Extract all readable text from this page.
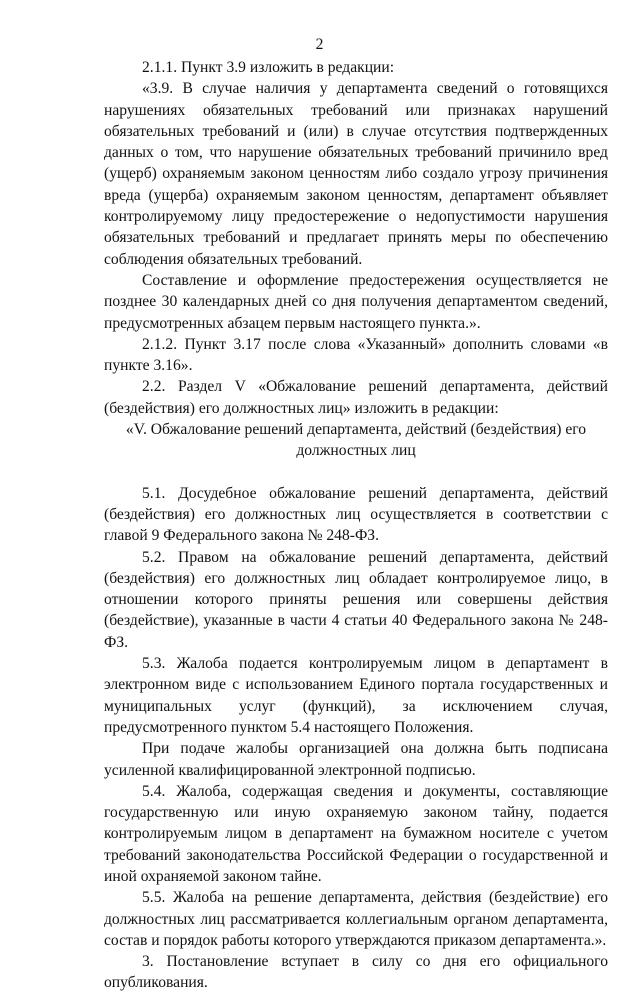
2

2.1.1. Пункт 3.9 изложить в редакции:

«3.9. В случае наличия у департамента сведений о готовящихся нарушениях обязательных требований или признаках нарушений обязательных требований и (или) в случае отсутствия подтвержденных данных о том, что нарушение обязательных требований причинило вред (ущерб) охраняемым законом ценностям либо создало угрозу причинения вреда (ущерба) охраняемым законом ценностям, департамент объявляет контролируемому лицу предостережение о недопустимости нарушения обязательных требований и предлагает принять меры по обеспечению соблюдения обязательных требований.

Составление и оформление предостережения осуществляется не позднее 30 календарных дней со дня получения департаментом сведений, предусмотренных абзацем первым настоящего пункта.».

2.1.2. Пункт 3.17 после слова «Указанный» дополнить словами «в пункте 3.16».

2.2. Раздел V «Обжалование решений департамента, действий (бездействия) его должностных лиц» изложить в редакции:

«V. Обжалование решений департамента, действий (бездействия) его

должностных лиц

5.1. Досудебное обжалование решений департамента, действий (бездействия) его должностных лиц осуществляется в соответствии с главой 9 Федерального закона № 248-ФЗ.

5.2. Правом на обжалование решений департамента, действий (бездействия) его должностных лиц обладает контролируемое лицо, в отношении которого приняты решения или совершены действия (бездействие), указанные в части 4 статьи 40 Федерального закона № 248-ФЗ.

5.3. Жалоба подается контролируемым лицом в департамент в электронном виде с использованием Единого портала государственных и муниципальных услуг (функций), за исключением случая, предусмотренного пунктом 5.4 настоящего Положения.

При подаче жалобы организацией она должна быть подписана усиленной квалифицированной электронной подписью.

5.4. Жалоба, содержащая сведения и документы, составляющие государственную или иную охраняемую законом тайну, подается контролируемым лицом в департамент на бумажном носителе с учетом требований законодательства Российской Федерации о государственной и иной охраняемой законом тайне.

5.5. Жалоба на решение департамента, действия (бездействие) его должностных лиц рассматривается коллегиальным органом департамента, состав и порядок работы которого утверждаются приказом департамента.».

3. Постановление вступает в силу со дня его официального опубликования.
